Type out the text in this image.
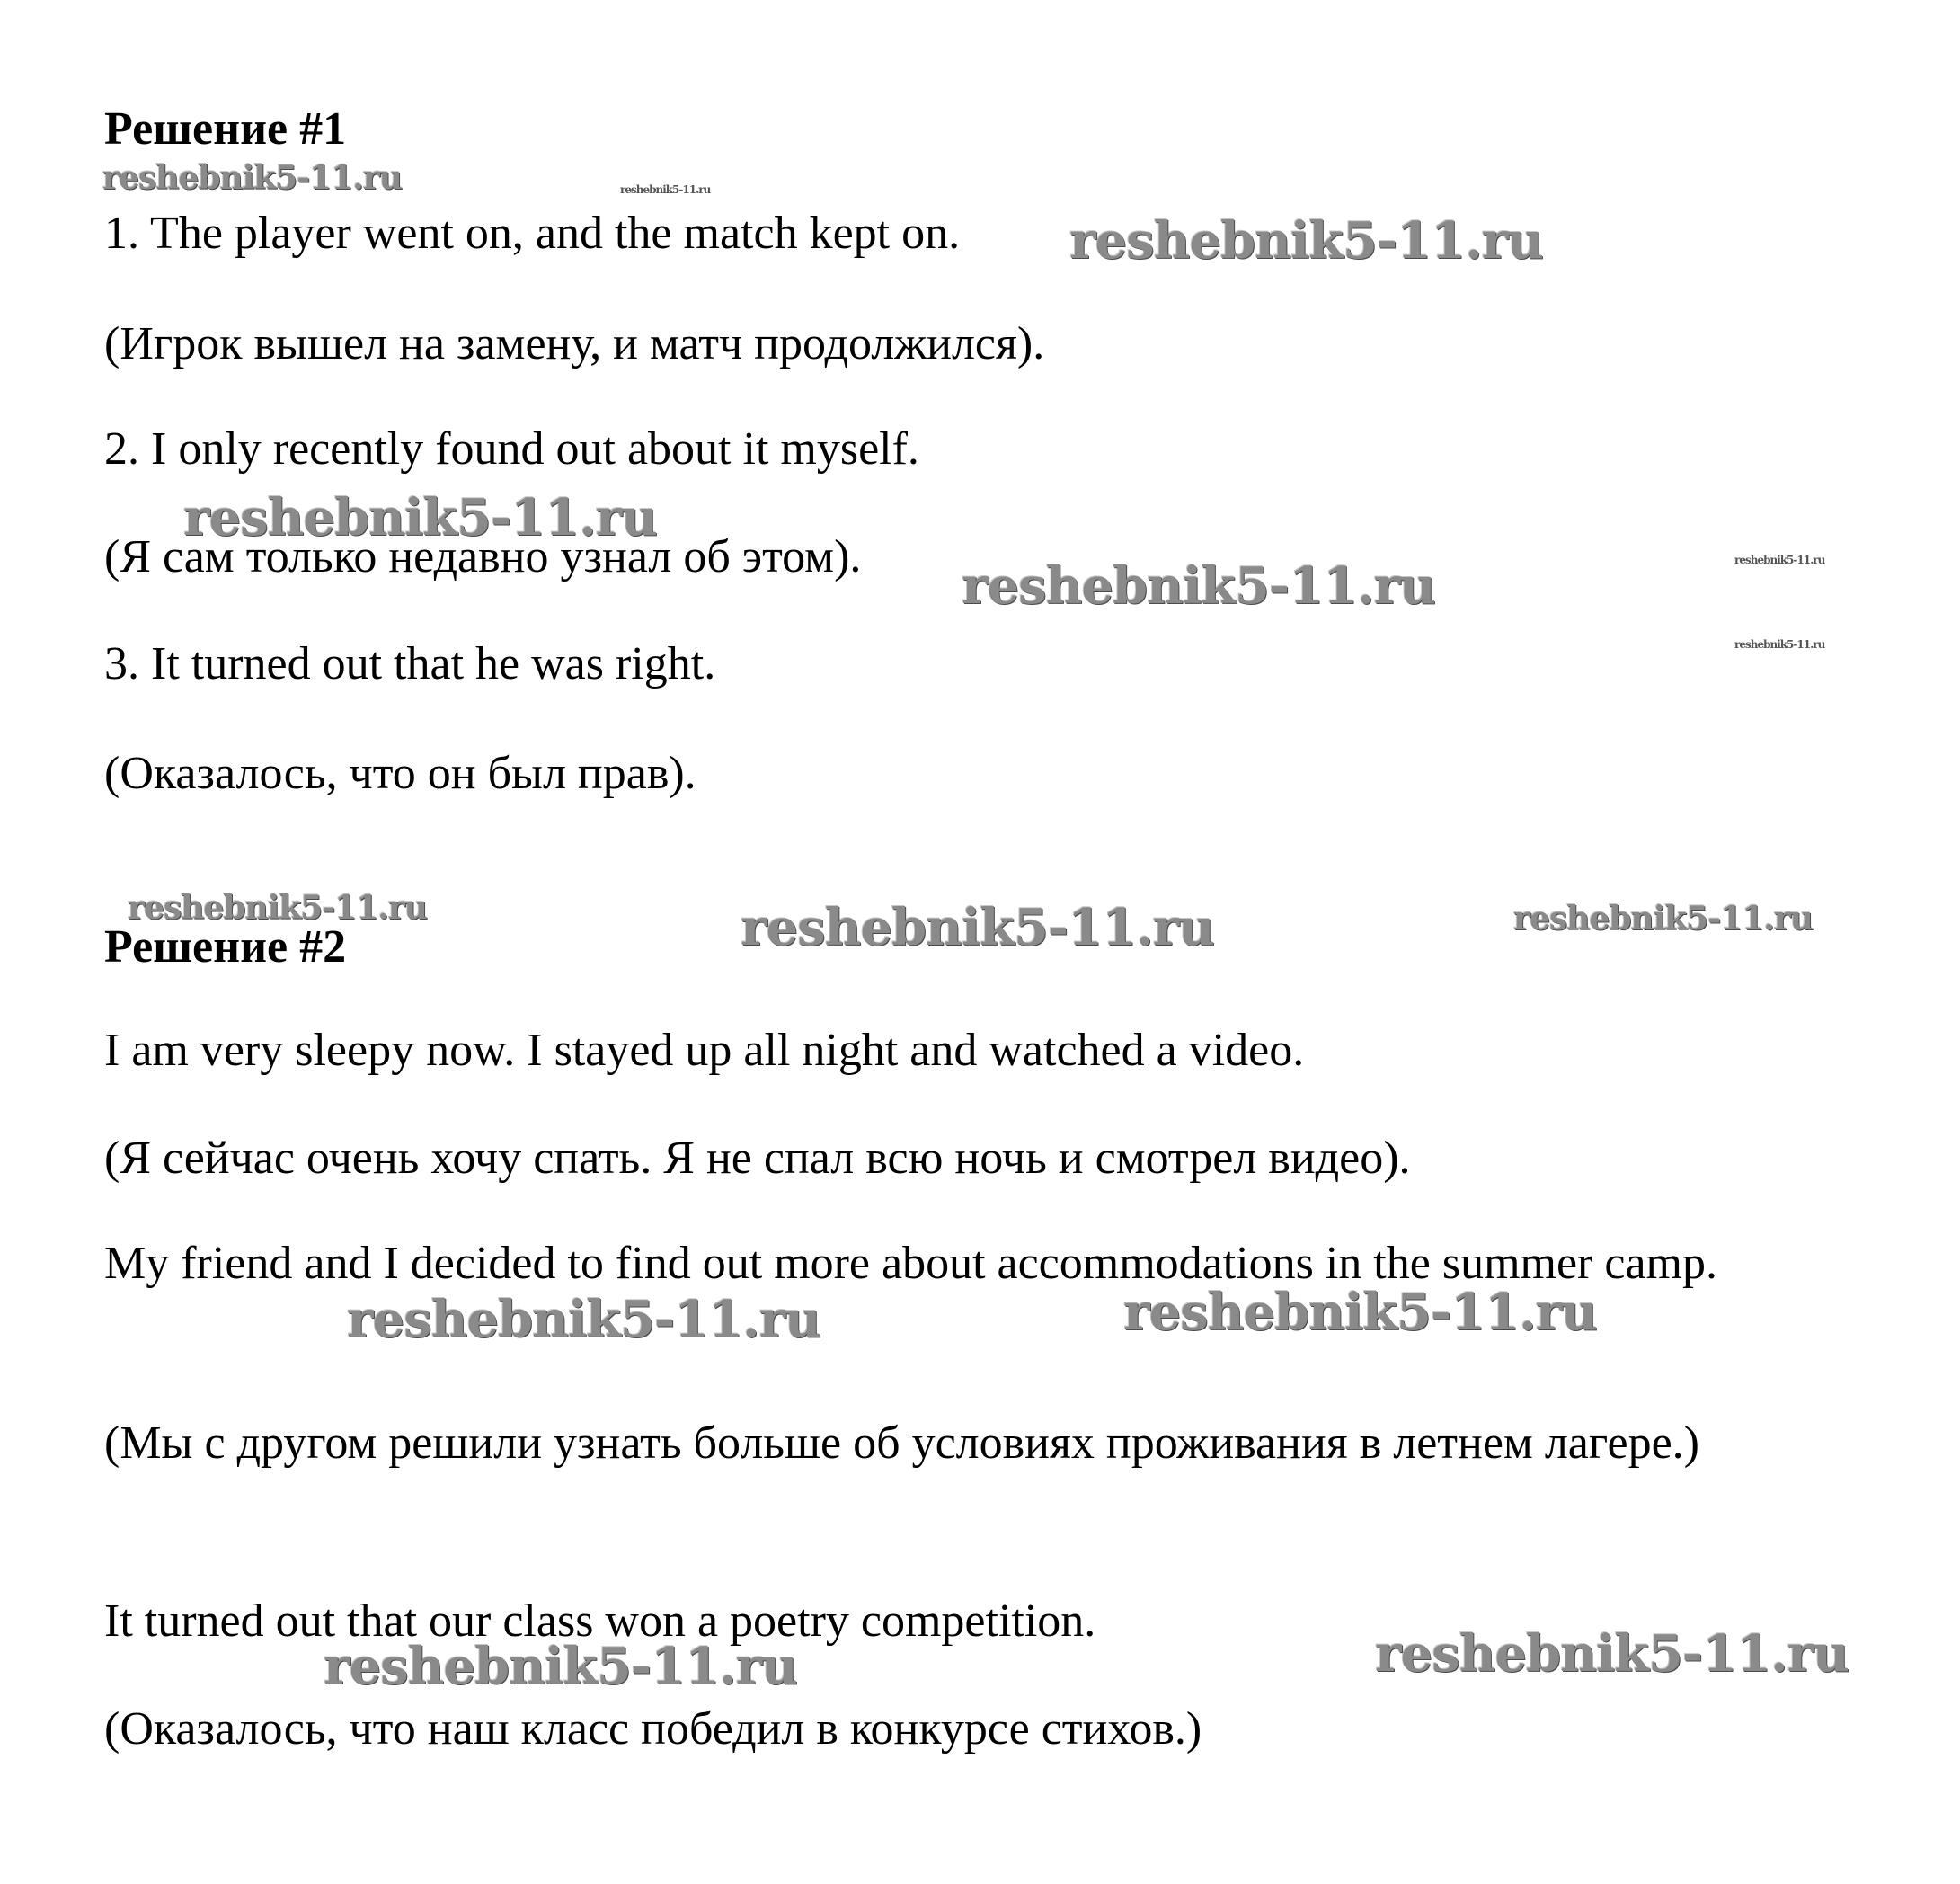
Решение #1
1. The player went on, and the match kept on.
(Игрок вышел на замену, и матч продолжился).
2. I only recently found out about it myself.
(Я сам только недавно узнал об этом).
3. It turned out that he was right.
(Оказалось, что он был прав).
Решение #2
I am very sleepy now. I stayed up all night and watched a video.
(Я сейчас очень хочу спать. Я не спал всю ночь и смотрел видео).
My friend and I decided to find out more about accommodations in the summer camp.
(Мы с другом решили узнать больше об условиях проживания в летнем лагере.)
It turned out that our class won a poetry competition.
(Оказалось, что наш класс победил в конкурсе стихов.)
reshebnik5-11.ru	reshebnik5-11.ru
reshebnik5-11.ru
reshebnik5-11.ru
reshebnik5-11.ru	reshebnik5-11.ru
reshebnik5-11.ru
reshebnik5-11.ru	reshebnik5-11.ru	reshebnik5-11.ru
reshebnik5-11.ru	reshebnik5-11.ru
reshebnik5-11.ru	reshebnik5-11.ru
